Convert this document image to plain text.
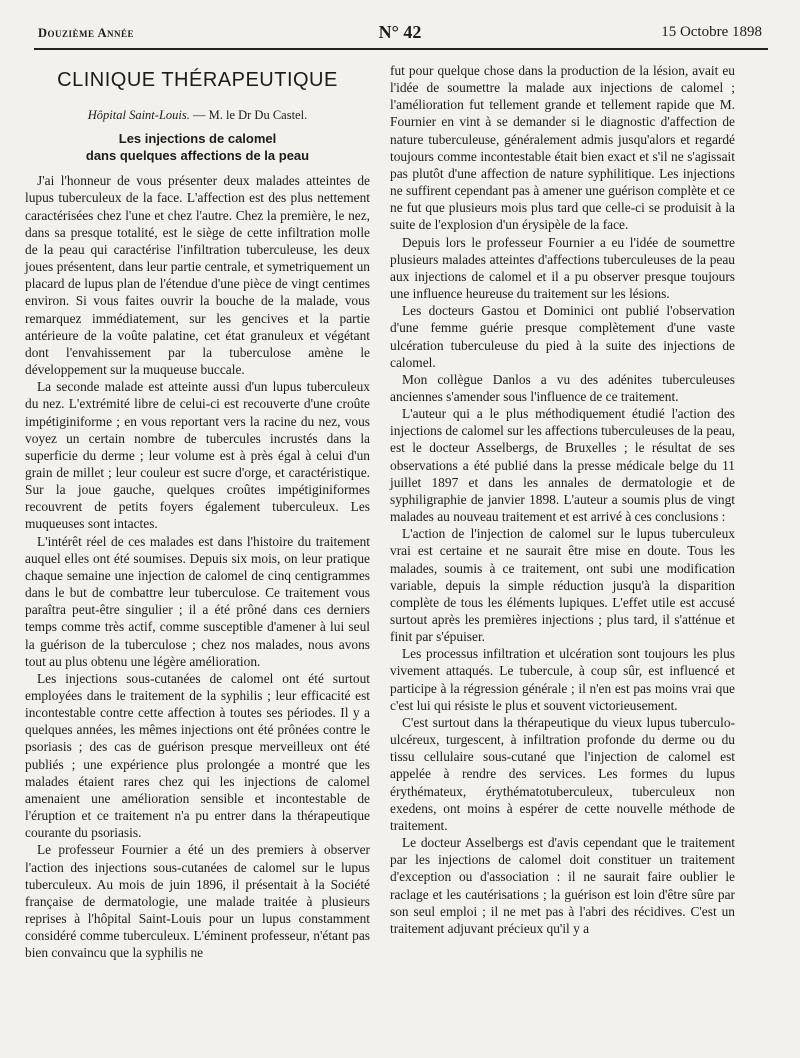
Douzième Année	N° 42	15 Octobre 1898
CLINIQUE THÉRAPEUTIQUE
Hôpital Saint-Louis. — M. le Dr Du Castel.
Les injections de calomel
dans quelques affections de la peau

J'ai l'honneur de vous présenter deux malades atteintes de lupus tuberculeux de la face. L'affection est des plus nettement caractérisées chez l'une et chez l'autre. Chez la première, le nez, dans sa presque totalité, est le siège de cette infiltration molle de la peau qui caractérise l'infiltration tuberculeuse, les deux joues présentent, dans leur partie centrale, et symetriquement un placard de lupus plan de l'étendue d'une pièce de vingt centimes environ. Si vous faites ouvrir la bouche de la malade, vous remarquez immédiatement, sur les gencives et la partie antérieure de la voûte palatine, cet état granuleux et végétant dont l'envahissement par la tuberculose amène le développement sur la muqueuse buccale.

La seconde malade est atteinte aussi d'un lupus tuberculeux du nez. L'extrémité libre de celui-ci est recouverte d'une croûte impétiginiforme ; en vous reportant vers la racine du nez, vous voyez un certain nombre de tubercules incrustés dans la superficie du derme ; leur volume est à près égal à celui d'un grain de millet ; leur couleur est sucre d'orge, et caractéristique. Sur la joue gauche, quelques croûtes impétiginiformes recouvrent de petits foyers également tuberculeux. Les muqueuses sont intactes.

L'intérêt réel de ces malades est dans l'histoire du traitement auquel elles ont été soumises. Depuis six mois, on leur pratique chaque semaine une injection de calomel de cinq centigrammes dans le but de combattre leur tuberculose. Ce traitement vous paraîtra peut-être singulier ; il a été prôné dans ces derniers temps comme très actif, comme susceptible d'amener à lui seul la guérison de la tuberculose ; chez nos malades, nous avons tout au plus obtenu une légère amélioration.

Les injections sous-cutanées de calomel ont été surtout employées dans le traitement de la syphilis ; leur efficacité est incontestable contre cette affection à toutes ses périodes. Il y a quelques années, les mêmes injections ont été prônées contre le psoriasis ; des cas de guérison presque merveilleux ont été publiés ; une expérience plus prolongée a montré que les malades étaient rares chez qui les injections de calomel amenaient une amélioration sensible et incontestable de l'éruption et ce traitement n'a pu entrer dans la thérapeutique courante du psoriasis.

Le professeur Fournier a été un des premiers à observer l'action des injections sous-cutanées de calomel sur le lupus tuberculeux. Au mois de juin 1896, il présentait à la Société française de dermatologie, une malade traitée à plusieurs reprises à l'hôpital Saint-Louis pour un lupus constamment considéré comme tuberculeux. L'éminent professeur, n'étant pas bien convaincu que la syphilis ne

fut pour quelque chose dans la production de la lésion, avait eu l'idée de soumettre la malade aux injections de calomel ; l'amélioration fut tellement grande et tellement rapide que M. Fournier en vint à se demander si le diagnostic d'affection de nature tuberculeuse, généralement admis jusqu'alors et regardé toujours comme incontestable était bien exact et s'il ne s'agissait pas plutôt d'une affection de nature syphilitique. Les injections ne suffirent cependant pas à amener une guérison complète et ce ne fut que plusieurs mois plus tard que celle-ci se produisit à la suite de l'explosion d'un érysipèle de la face.

Depuis lors le professeur Fournier a eu l'idée de soumettre plusieurs malades atteintes d'affections tuberculeuses de la peau aux injections de calomel et il a pu observer presque toujours une influence heureuse du traitement sur les lésions.

Les docteurs Gastou et Dominici ont publié l'observation d'une femme guérie presque complètement d'une vaste ulcération tuberculeuse du pied à la suite des injections de calomel.

Mon collègue Danlos a vu des adénites tuberculeuses anciennes s'amender sous l'influence de ce traitement.

L'auteur qui a le plus méthodiquement étudié l'action des injections de calomel sur les affections tuberculeuses de la peau, est le docteur Asselbergs, de Bruxelles ; le résultat de ses observations a été publié dans la presse médicale belge du 11 juillet 1897 et dans les annales de dermatologie et de syphiligraphie de janvier 1898. L'auteur a soumis plus de vingt malades au nouveau traitement et est arrivé à ces conclusions :

L'action de l'injection de calomel sur le lupus tuberculeux vrai est certaine et ne saurait être mise en doute. Tous les malades, soumis à ce traitement, ont subi une modification variable, depuis la simple réduction jusqu'à la disparition complète de tous les éléments lupiques. L'effet utile est accusé surtout après les premières injections ; plus tard, il s'atténue et finit par s'épuiser.

Les processus infiltration et ulcération sont toujours les plus vivement attaqués. Le tubercule, à coup sûr, est influencé et participe à la régression générale ; il n'en est pas moins vrai que c'est lui qui résiste le plus et souvent victorieusement.

C'est surtout dans la thérapeutique du vieux lupus tuberculo-ulcéreux, turgescent, à infiltration profonde du derme ou du tissu cellulaire sous-cutané que l'injection de calomel est appelée à rendre des services. Les formes du lupus érythémateux, érythématotuberculeux, tuberculeux non exedens, ont moins à espérer de cette nouvelle méthode de traitement.

Le docteur Asselbergs est d'avis cependant que le traitement par les injections de calomel doit constituer un traitement d'exception ou d'association : il ne saurait faire oublier le raclage et les cautérisations ; la guérison est loin d'être sûre par son seul emploi ; il ne met pas à l'abri des récidives. C'est un traitement adjuvant précieux qu'il y a
